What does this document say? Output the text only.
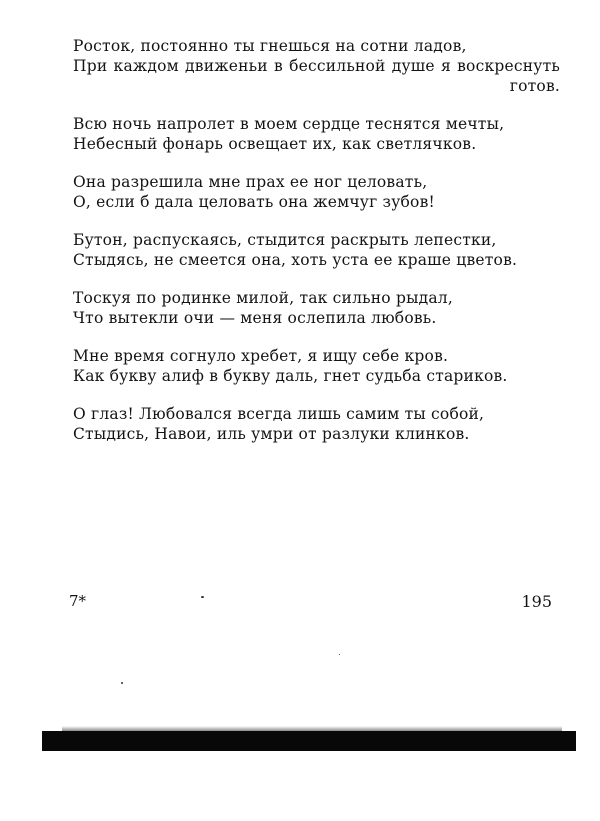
Росток, постоянно ты гнешься на сотни ладов,
При каждом движеньи в бессильной душе я воскреснуть
готов.
Всю ночь напролет в моем сердце теснятся мечты,
Небесный фонарь освещает их, как светлячков.
Она разрешила мне прах ее ног целовать,
О, если б дала целовать она жемчуг зубов!
Бутон, распускаясь, стыдится раскрыть лепестки,
Стыдясь, не смеется она, хоть уста ее краше цветов.
Тоскуя по родинке милой, так сильно рыдал,
Что вытекли очи — меня ослепила любовь.
Мне время согнуло хребет, я ищу себе кров.
Как букву алиф в букву даль, гнет судьба стариков.
О глаз! Любовался всегда лишь самим ты собой,
Стыдись, Навои, иль умри от разлуки клинков.
7*	195
